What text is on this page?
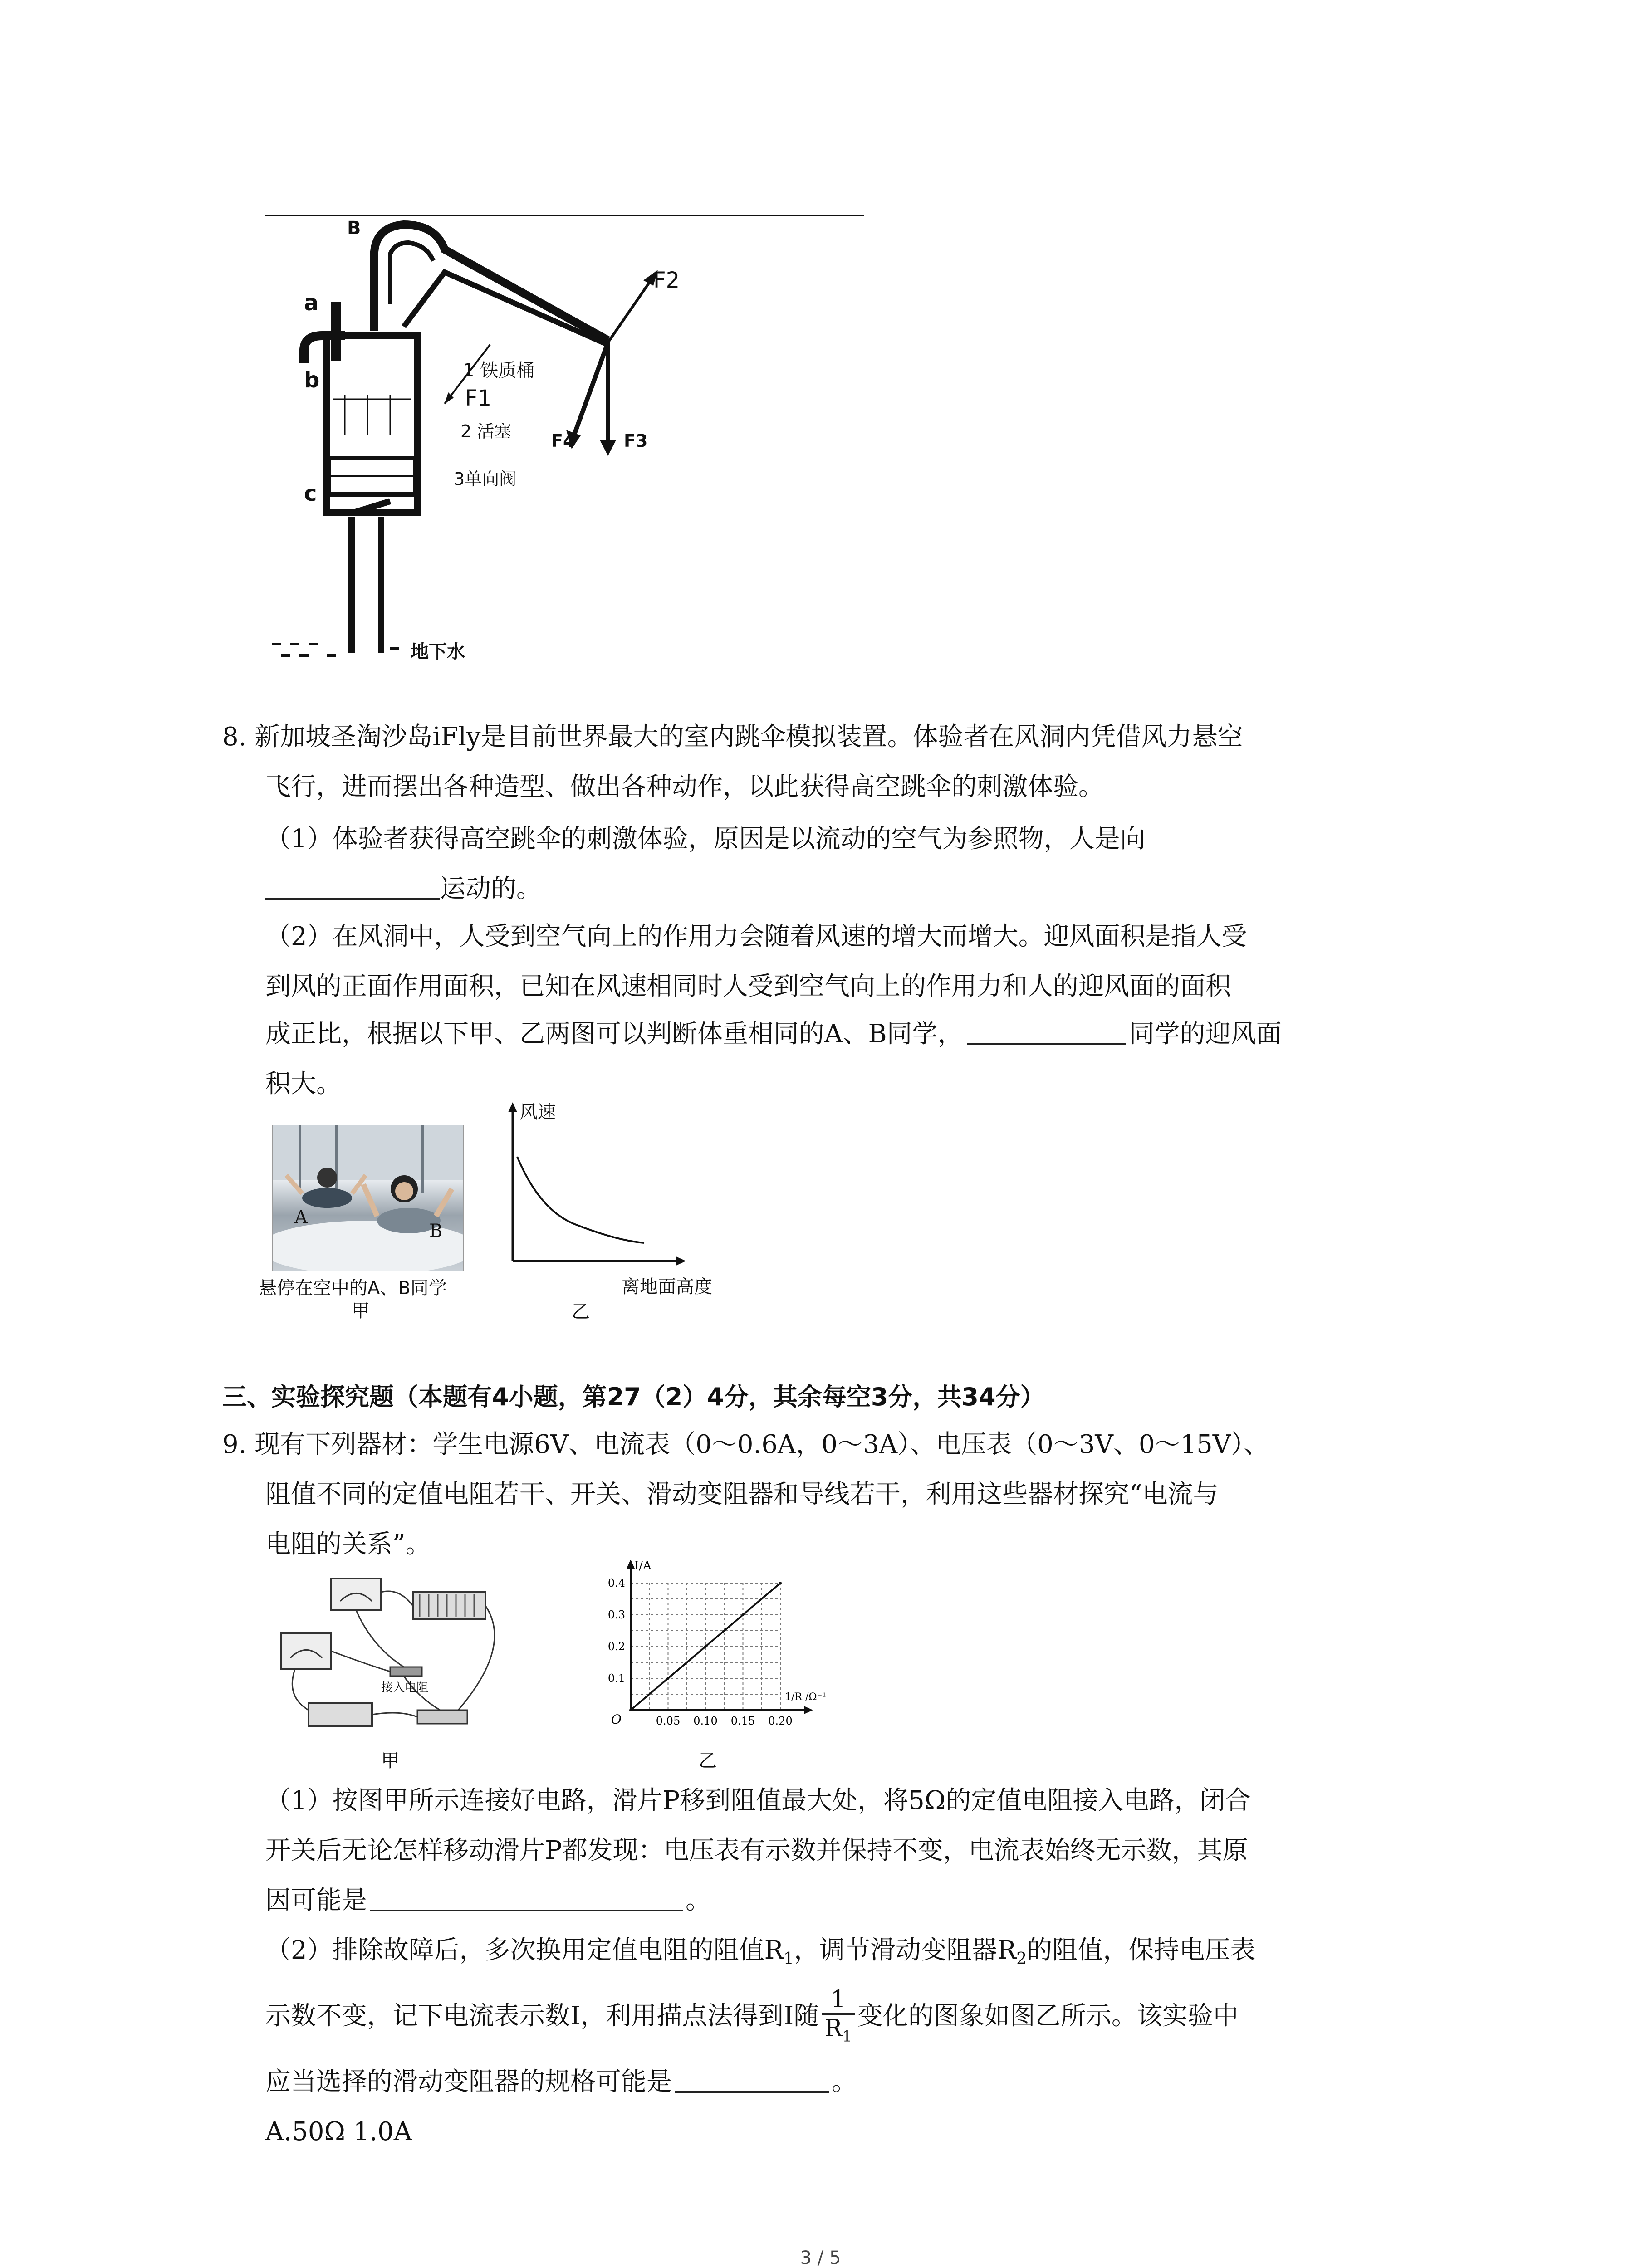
B
a
b
c
1 铁质桶
F1
2 活塞
3单向阀
F2
F3
F4
地下水
8. 新加坡圣淘沙岛iFly是目前世界最大的室内跳伞模拟装置。体验者在风洞内凭借风力悬空
飞行，进而摆出各种造型、做出各种动作，以此获得高空跳伞的刺激体验。
（1）体验者获得高空跳伞的刺激体验，原因是以流动的空气为参照物，人是向
运动的。
（2）在风洞中，人受到空气向上的作用力会随着风速的增大而增大。迎风面积是指人受
到风的正面作用面积，已知在风速相同时人受到空气向上的作用力和人的迎风面的面积
成正比，根据以下甲、乙两图可以判断体重相同的A、B同学，	同学的迎风面
积大。
A
B
悬停在空中的A、B同学
甲
风速
离地面高度
乙
三、实验探究题（本题有4小题，第27（2）4分，其余每空3分，共34分）
9. 现有下列器材：学生电源6V、电流表（0～0.6A，0～3A）、电压表（0～3V、0～15V）、
阻值不同的定值电阻若干、开关、滑动变阻器和导线若干，利用这些器材探究“电流与
电阻的关系”。
接入电阻
甲
0.05 0.10 0.15 0.20
0.1
0.2
0.3
0.4
O
I/A
1/R /Ω⁻¹
乙
（1）按图甲所示连接好电路，滑片P移到阻值最大处，将5Ω的定值电阻接入电路，闭合
开关后无论怎样移动滑片P都发现：电压表有示数并保持不变，电流表始终无示数，其原
因可能是	。
（2）排除故障后，多次换用定值电阻的阻值$R_1$，调节滑动变阻器$R_2$的阻值，保持电压表
示数不变，记下电流表示数I，利用描点法得到I随 $\frac{1}{R_1}$ 变化的图象如图乙所示。该实验中
应当选择的滑动变阻器的规格可能是	。
A.50Ω 1.0A
3 / 5
